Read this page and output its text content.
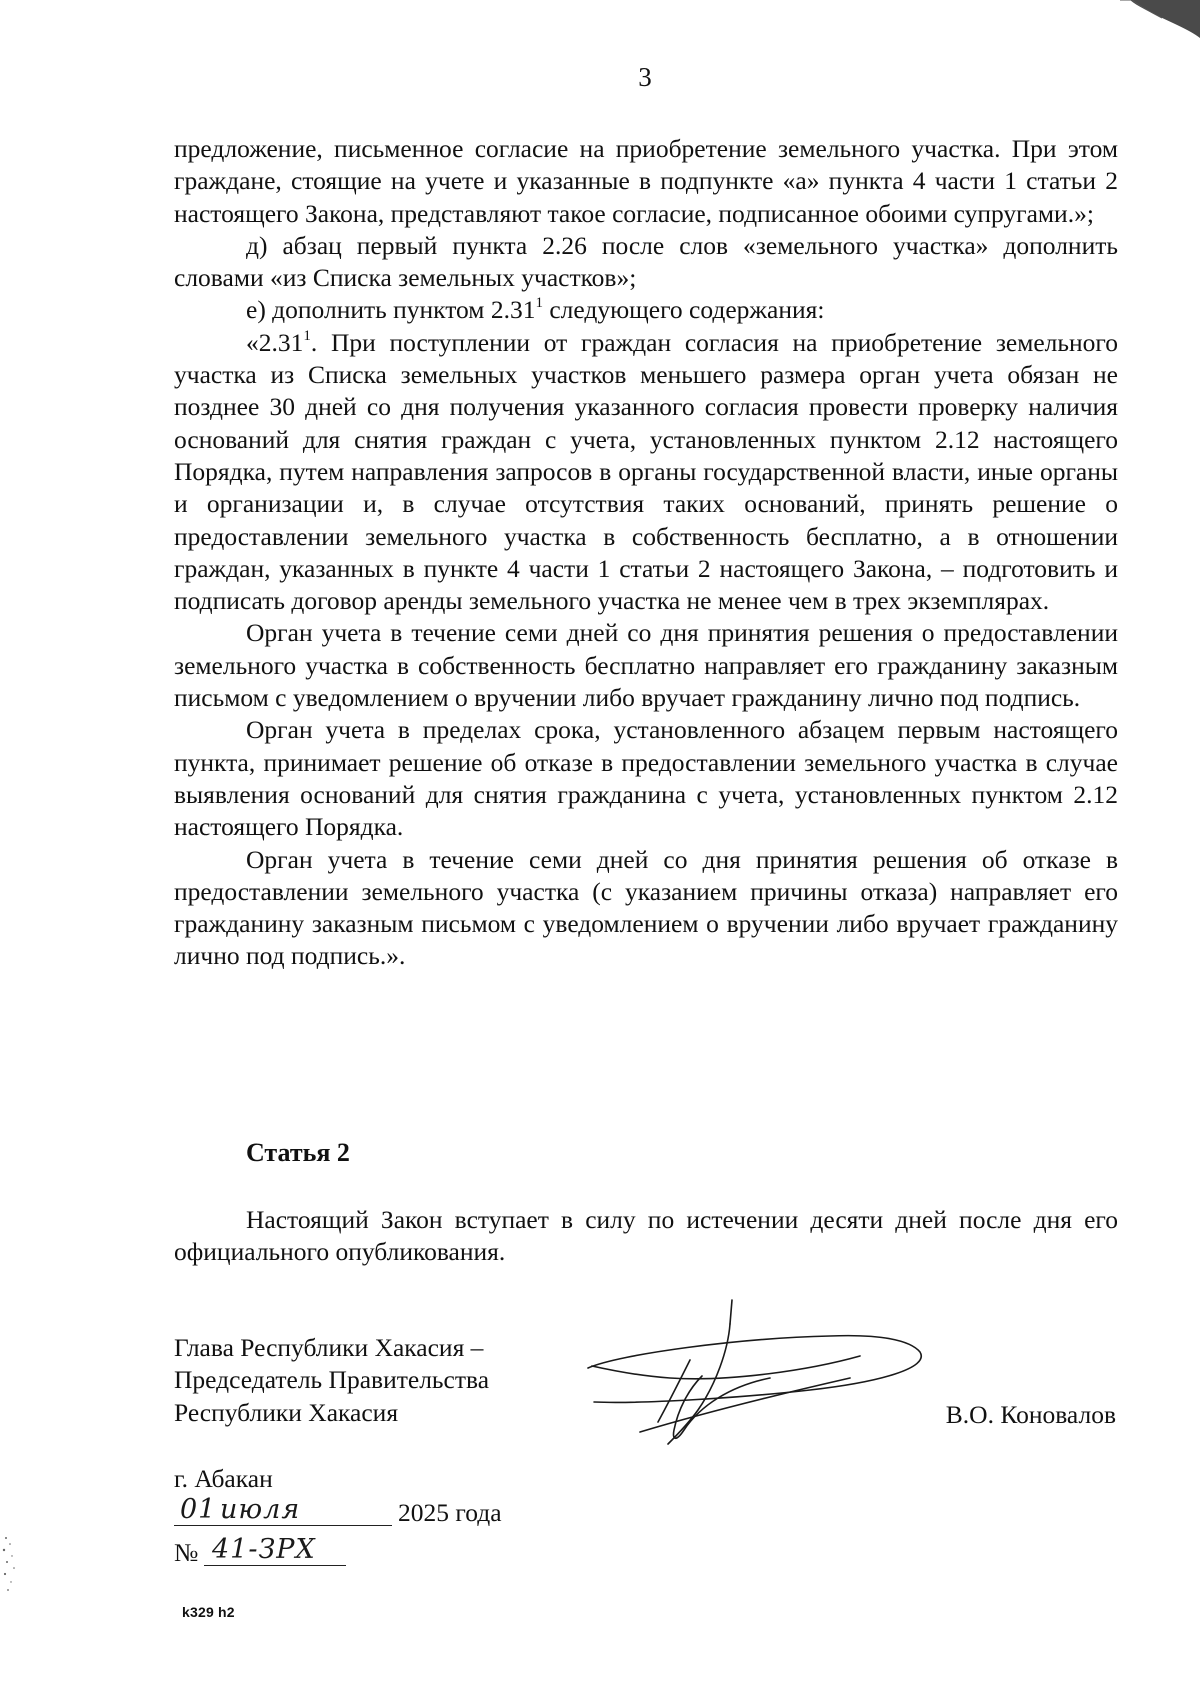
3

предложение, письменное согласие на приобретение земельного участка. При этом граждане, стоящие на учете и указанные в подпункте «а» пункта 4 части 1 статьи 2 настоящего Закона, представляют такое согласие, подписанное обоими супругами.»;

д) абзац первый пункта 2.26 после слов «земельного участка» дополнить словами «из Списка земельных участков»;

е) дополнить пунктом 2.31$^1$ следующего содержания:

«2.31$^1$. При поступлении от граждан согласия на приобретение земельного участка из Списка земельных участков меньшего размера орган учета обязан не позднее 30 дней со дня получения указанного согласия провести проверку наличия оснований для снятия граждан с учета, установленных пунктом 2.12 настоящего Порядка, путем направления запросов в органы государственной власти, иные органы и организации и, в случае отсутствия таких оснований, принять решение о предоставлении земельного участка в собственность бесплатно, а в отношении граждан, указанных в пункте 4 части 1 статьи 2 настоящего Закона, – подготовить и подписать договор аренды земельного участка не менее чем в трех экземплярах.

Орган учета в течение семи дней со дня принятия решения о предоставлении земельного участка в собственность бесплатно направляет его гражданину заказным письмом с уведомлением о вручении либо вручает гражданину лично под подпись.

Орган учета в пределах срока, установленного абзацем первым настоящего пункта, принимает решение об отказе в предоставлении земельного участка в случае выявления оснований для снятия гражданина с учета, установленных пунктом 2.12 настоящего Порядка.

Орган учета в течение семи дней со дня принятия решения об отказе в предоставлении земельного участка (с указанием причины отказа) направляет его гражданину заказным письмом с уведомлением о вручении либо вручает гражданину лично под подпись.».

Статья 2
Настоящий Закон вступает в силу по истечении десяти дней после дня его официального опубликования.
Глава Республики Хакасия –
Председатель Правительства
Республики Хакасия	В.О. Коновалов
г. Абакан
01 июля	2025 года
№ 41-ЗРХ
k329 h2
